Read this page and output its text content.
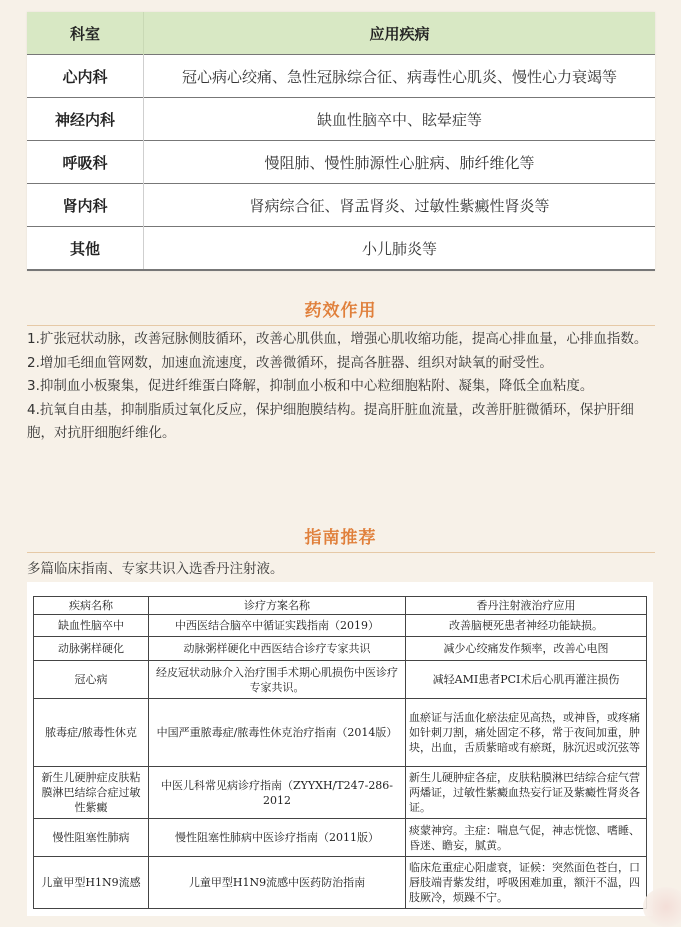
科室	应用疾病
心内科	冠心病心绞痛、急性冠脉综合征、病毒性心肌炎、慢性心力衰竭等
神经内科	缺血性脑卒中、眩晕症等
呼吸科	慢阻肺、慢性肺源性心脏病、肺纤维化等
肾内科	肾病综合征、肾盂肾炎、过敏性紫癜性肾炎等
其他	小儿肺炎等
药效作用

1.扩张冠状动脉，改善冠脉侧肢循环，改善心肌供血，增强心肌收缩功能，提高心排血量，心排血指数。

2.增加毛细血管网数，加速血流速度，改善微循环，提高各脏器、组织对缺氧的耐受性。

3.抑制血小板聚集，促进纤维蛋白降解，抑制血小板和中心粒细胞粘附、凝集，降低全血粘度。

4.抗氧自由基，抑制脂质过氧化反应，保护细胞膜结构。提高肝脏血流量，改善肝脏微循环，保护肝细胞，对抗肝细胞纤维化。

指南推荐
多篇临床指南、专家共识入选香丹注射液。
疾病名称	诊疗方案名称	香丹注射液治疗应用
缺血性脑卒中	中西医结合脑卒中循证实践指南（2019）	改善脑梗死患者神经功能缺损。
动脉粥样硬化	动脉粥样硬化中西医结合诊疗专家共识	减少心绞痛发作频率，改善心电图
冠心病	经皮冠状动脉介入治疗围手术期心肌损伤中医诊疗专家共识。	减轻AMI患者PCI术后心肌再灌注损伤
脓毒症/脓毒性休克	中国严重脓毒症/脓毒性休克治疗指南（2014版）	血瘀证与活血化瘀法症见高热，或神昏，或疼痛如针刺刀割，痛处固定不移，常于夜间加重，肿块，出血，舌质紫暗或有瘀斑，脉沉迟或沉弦等
新生儿硬肿症皮肤粘膜淋巴结综合症过敏性紫癜	中医儿科常见病诊疗指南（ZYYXH/T247-286-2012	新生儿硬肿症各症，皮肤粘膜淋巴结综合症气营两燔证，过敏性紫癜血热妄行证及紫癜性肾炎各证。
慢性阻塞性肺病	慢性阻塞性肺病中医诊疗指南（2011版）	痰蒙神窍。主症：喘息气促，神志恍惚、嗜睡、昏迷、瞻妄，腻黄。
儿童甲型H1N9流感	儿童甲型H1N9流感中医药防治指南	临床危重症心阳虚衰，证候：突然面色苍白，口唇肢端青紫发绀，呼吸困难加重，额汗不温，四肢厥冷，烦躁不宁。
